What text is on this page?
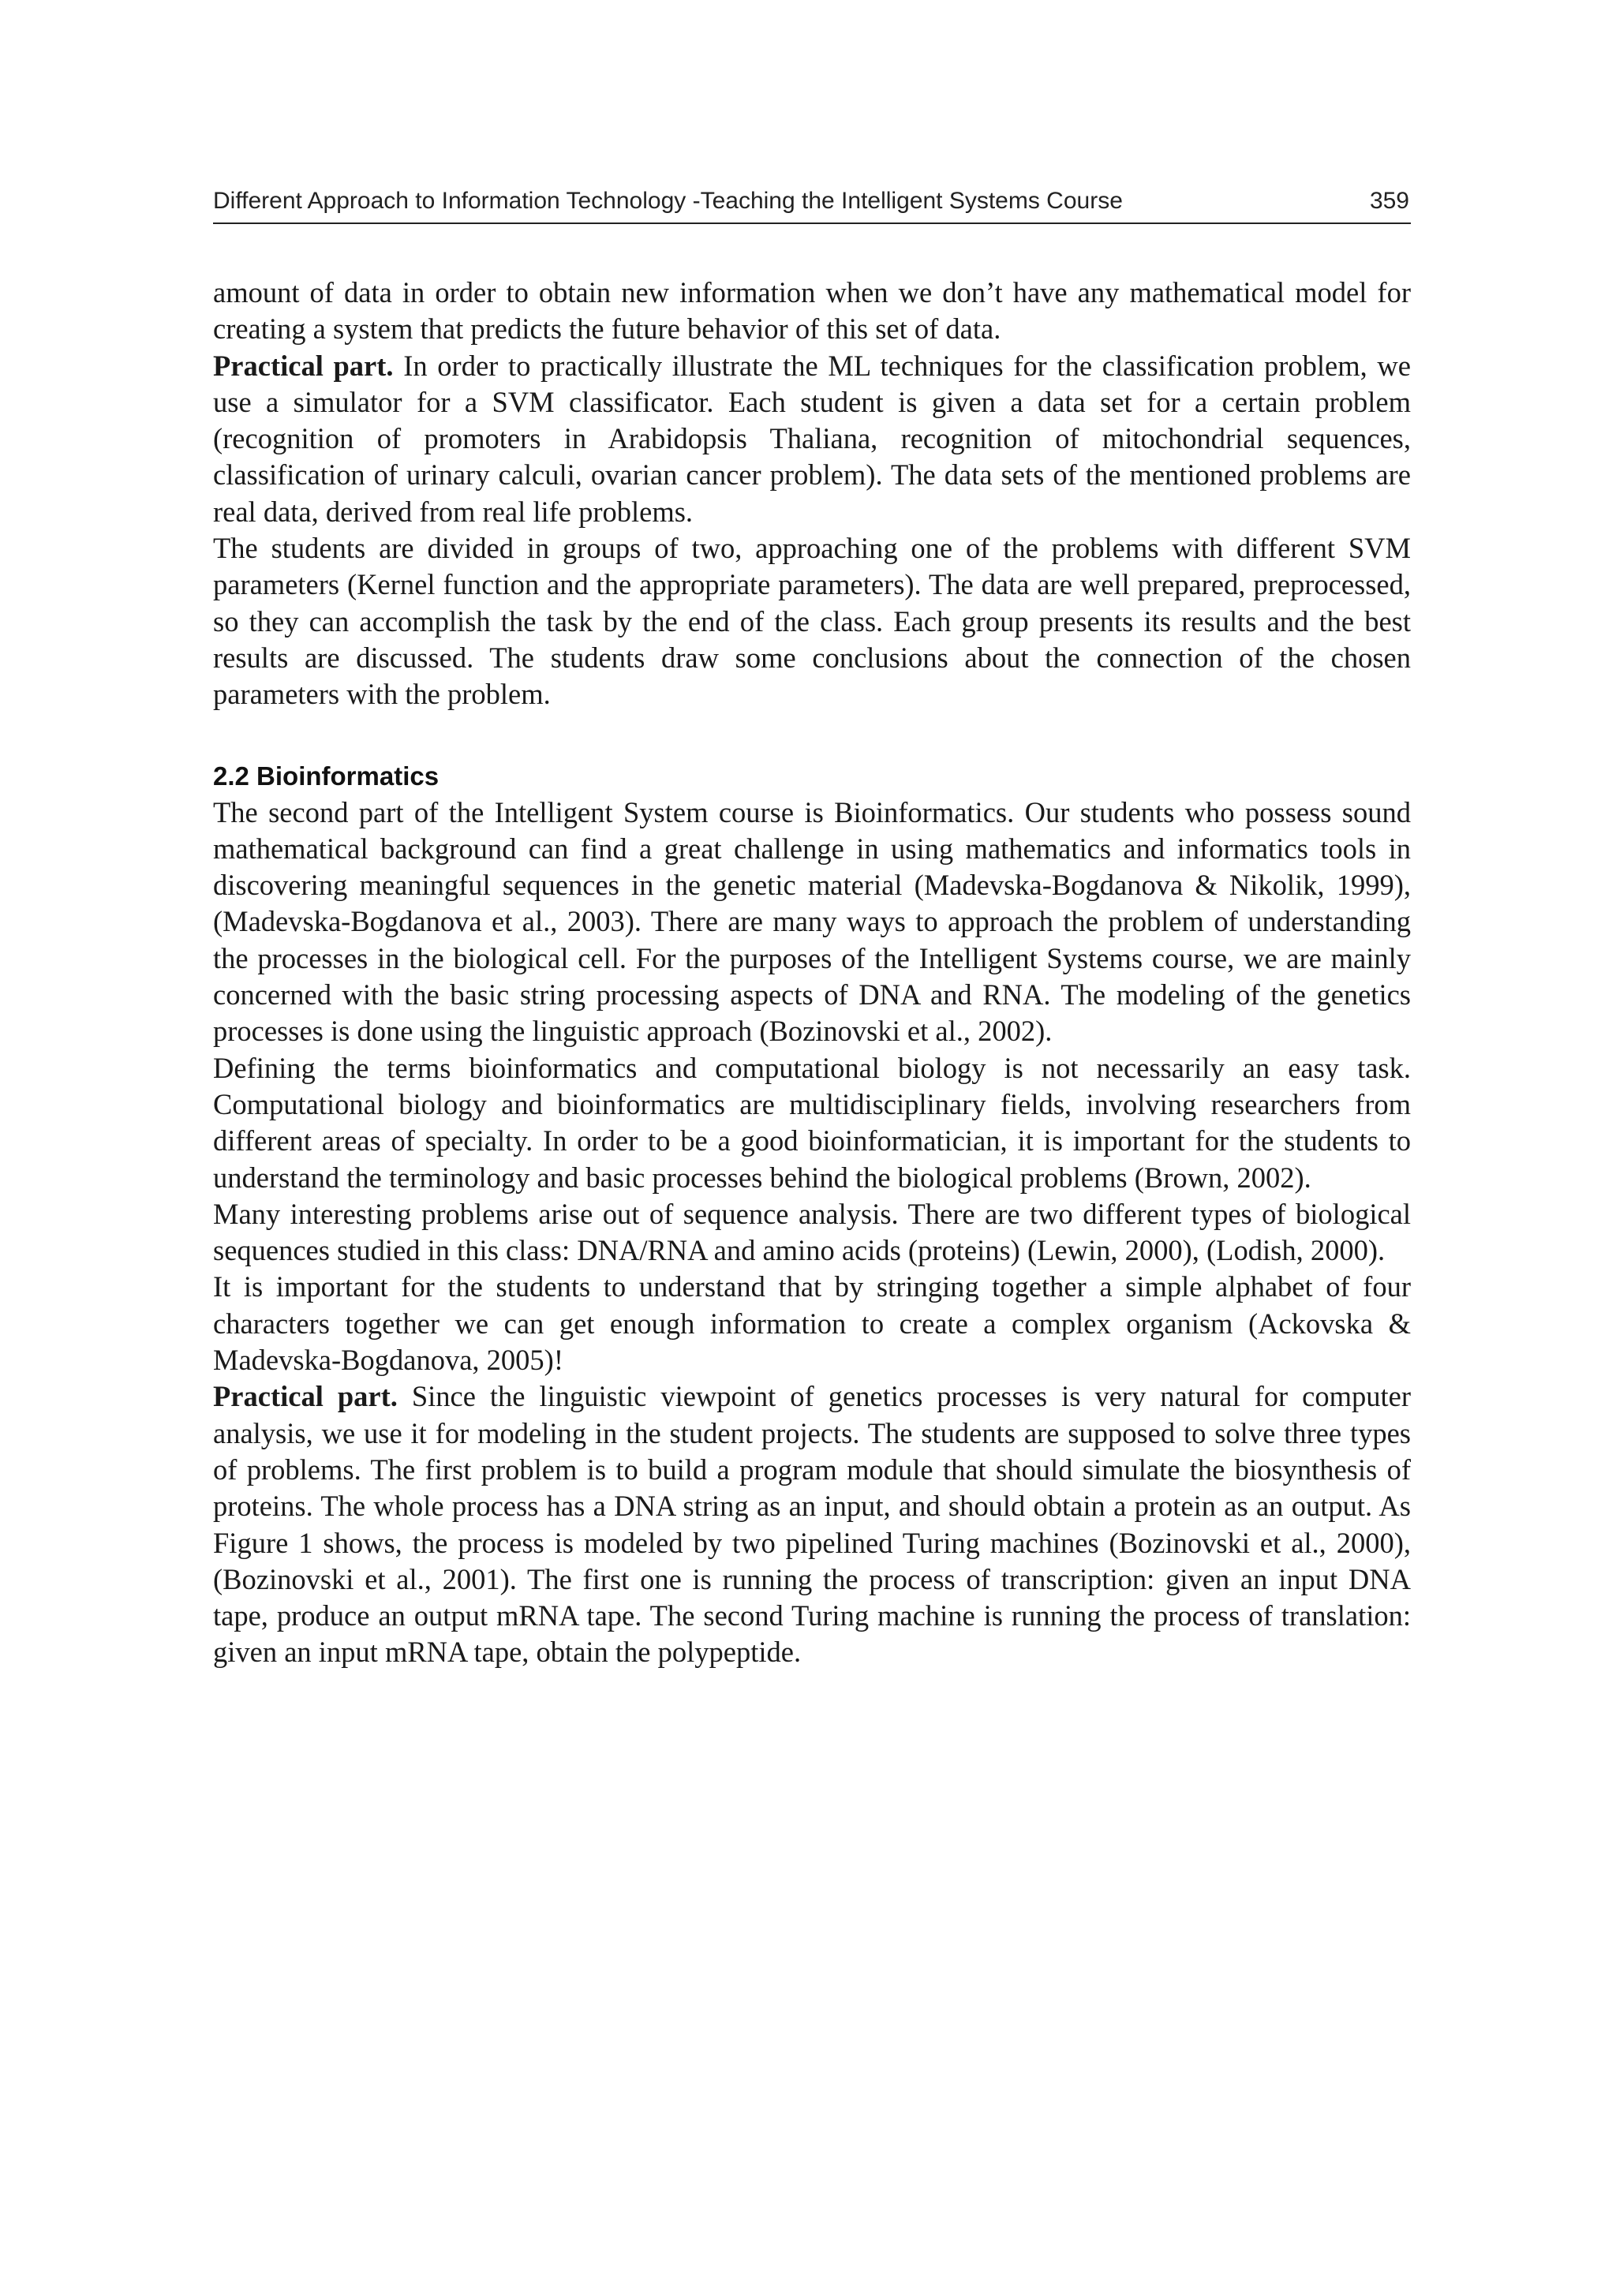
Different Approach to Information Technology -Teaching the Intelligent Systems Course	359

amount of data in order to obtain new information when we don’t have any mathematical model for creating a system that predicts the future behavior of this set of data.

Practical part. In order to practically illustrate the ML techniques for the classification problem, we use a simulator for a SVM classificator. Each student is given a data set for a certain problem (recognition of promoters in Arabidopsis Thaliana, recognition of mitochondrial sequences, classification of urinary calculi, ovarian cancer problem). The data sets of the mentioned problems are real data, derived from real life problems.

The students are divided in groups of two, approaching one of the problems with different SVM parameters (Kernel function and the appropriate parameters). The data are well prepared, preprocessed, so they can accomplish the task by the end of the class. Each group presents its results and the best results are discussed. The students draw some conclusions about the connection of the chosen parameters with the problem.

2.2 Bioinformatics

The second part of the Intelligent System course is Bioinformatics. Our students who possess sound mathematical background can find a great challenge in using mathematics and informatics tools in discovering meaningful sequences in the genetic material (Madevska-Bogdanova & Nikolik, 1999), (Madevska-Bogdanova et al., 2003). There are many ways to approach the problem of understanding the processes in the biological cell. For the purposes of the Intelligent Systems course, we are mainly concerned with the basic string processing aspects of DNA and RNA. The modeling of the genetics processes is done using the linguistic approach (Bozinovski et al., 2002).

Defining the terms bioinformatics and computational biology is not necessarily an easy task. Computational biology and bioinformatics are multidisciplinary fields, involving researchers from different areas of specialty. In order to be a good bioinformatician, it is important for the students to understand the terminology and basic processes behind the biological problems (Brown, 2002).

Many interesting problems arise out of sequence analysis. There are two different types of biological sequences studied in this class: DNA/RNA and amino acids (proteins) (Lewin, 2000), (Lodish, 2000).

It is important for the students to understand that by stringing together a simple alphabet of four characters together we can get enough information to create a complex organism (Ackovska & Madevska-Bogdanova, 2005)!

Practical part. Since the linguistic viewpoint of genetics processes is very natural for computer analysis, we use it for modeling in the student projects. The students are supposed to solve three types of problems. The first problem is to build a program module that should simulate the biosynthesis of proteins. The whole process has a DNA string as an input, and should obtain a protein as an output. As Figure 1 shows, the process is modeled by two pipelined Turing machines (Bozinovski et al., 2000), (Bozinovski et al., 2001). The first one is running the process of transcription: given an input DNA tape, produce an output mRNA tape. The second Turing machine is running the process of translation: given an input mRNA tape, obtain the polypeptide.
